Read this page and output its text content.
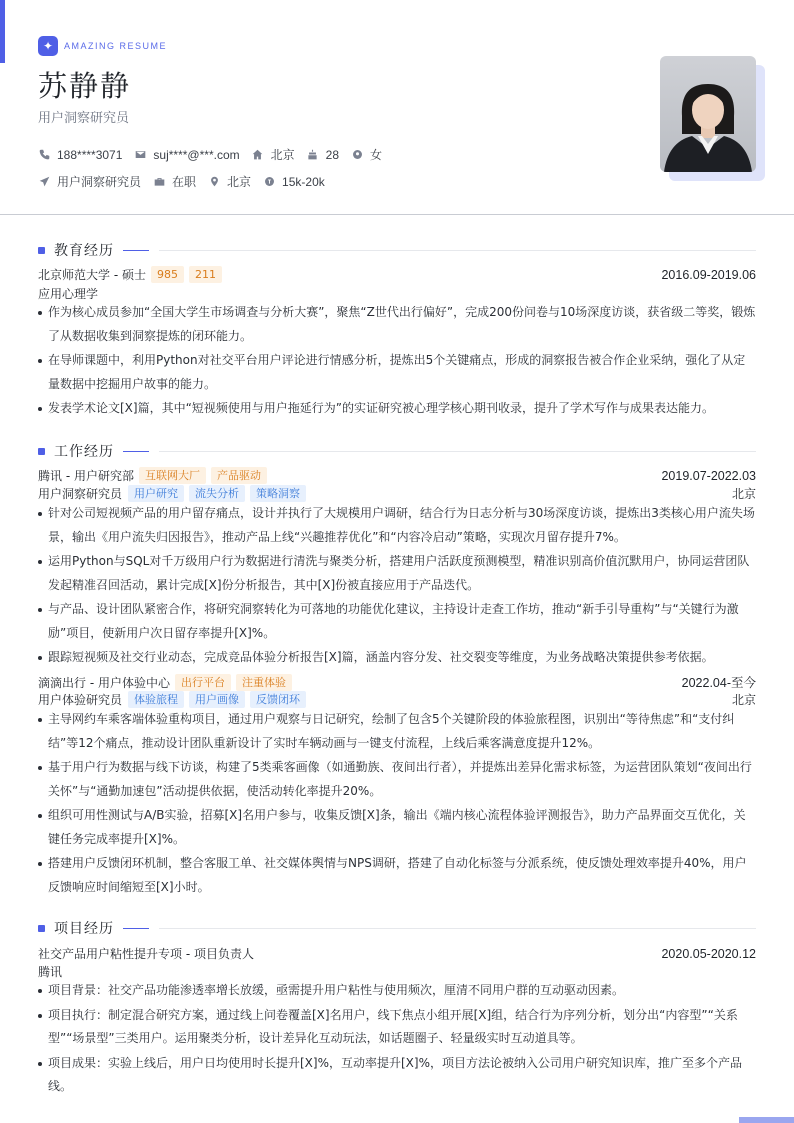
✦	AMAZING RESUME
苏静静
用户洞察研究员
188****3071	suj****@***.com	北京	28	女
用户洞察研究员	在职	北京	15k-20k
教育经历
北京师范大学 - 硕士	985	211	2016.09-2019.06
应用心理学
作为核心成员参加“全国大学生市场调查与分析大赛”，聚焦“Z世代出行偏好”，完成200份问卷与10场深度访谈，获省级二等奖，锻炼了从数据收集到洞察提炼的闭环能力。
在导师课题中，利用Python对社交平台用户评论进行情感分析，提炼出5个关键痛点，形成的洞察报告被合作企业采纳，强化了从定量数据中挖掘用户故事的能力。
发表学术论文[X]篇，其中“短视频使用与用户拖延行为”的实证研究被心理学核心期刊收录，提升了学术写作与成果表达能力。
工作经历
腾讯 - 用户研究部	互联网大厂	产品驱动	2019.07-2022.03
用户洞察研究员	用户研究	流失分析	策略洞察	北京
针对公司短视频产品的用户留存痛点，设计并执行了大规模用户调研，结合行为日志分析与30场深度访谈，提炼出3类核心用户流失场景，输出《用户流失归因报告》，推动产品上线“兴趣推荐优化”和“内容冷启动”策略，实现次月留存提升7%。
运用Python与SQL对千万级用户行为数据进行清洗与聚类分析，搭建用户活跃度预测模型，精准识别高价值沉默用户，协同运营团队发起精准召回活动，累计完成[X]份分析报告，其中[X]份被直接应用于产品迭代。
与产品、设计团队紧密合作，将研究洞察转化为可落地的功能优化建议，主持设计走查工作坊，推动“新手引导重构”与“关键行为激励”项目，使新用户次日留存率提升[X]%。
跟踪短视频及社交行业动态，完成竞品体验分析报告[X]篇，涵盖内容分发、社交裂变等维度，为业务战略决策提供参考依据。
滴滴出行 - 用户体验中心	出行平台	注重体验	2022.04-至今
用户体验研究员	体验旅程	用户画像	反馈闭环	北京
主导网约车乘客端体验重构项目，通过用户观察与日记研究，绘制了包含5个关键阶段的体验旅程图，识别出“等待焦虑”和“支付纠结”等12个痛点，推动设计团队重新设计了实时车辆动画与一键支付流程，上线后乘客满意度提升12%。
基于用户行为数据与线下访谈，构建了5类乘客画像（如通勤族、夜间出行者），并提炼出差异化需求标签，为运营团队策划“夜间出行关怀”与“通勤加速包”活动提供依据，使活动转化率提升20%。
组织可用性测试与A/B实验，招募[X]名用户参与，收集反馈[X]条，输出《端内核心流程体验评测报告》，助力产品界面交互优化，关键任务完成率提升[X]%。
搭建用户反馈闭环机制，整合客服工单、社交媒体舆情与NPS调研，搭建了自动化标签与分派系统，使反馈处理效率提升40%，用户反馈响应时间缩短至[X]小时。
项目经历
社交产品用户粘性提升专项 - 项目负责人	2020.05-2020.12
腾讯
项目背景：社交产品功能渗透率增长放缓，亟需提升用户粘性与使用频次，厘清不同用户群的互动驱动因素。
项目执行：制定混合研究方案，通过线上问卷覆盖[X]名用户，线下焦点小组开展[X]组，结合行为序列分析，划分出“内容型”“关系型”“场景型”三类用户。运用聚类分析，设计差异化互动玩法，如话题圈子、轻量级实时互动道具等。
项目成果：实验上线后，用户日均使用时长提升[X]%，互动率提升[X]%，项目方法论被纳入公司用户研究知识库，推广至多个产品线。
